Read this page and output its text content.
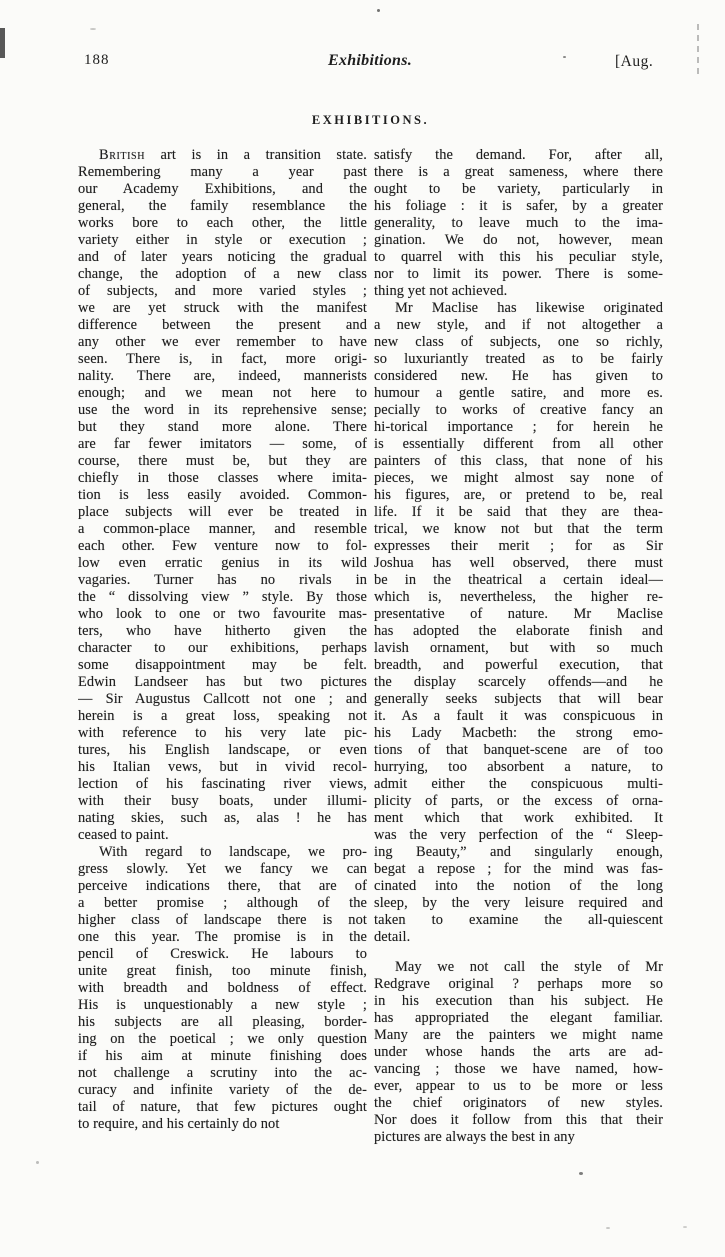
188	Exhibitions.	[Aug.
EXHIBITIONS.
British art is in a transition state.
Remembering many a year past
our Academy Exhibitions, and the
general, the family resemblance the
works bore to each other, the little
variety either in style or execution ;
and of later years noticing the gradual
change, the adoption of a new class
of subjects, and more varied styles ;
we are yet struck with the manifest
difference between the present and
any other we ever remember to have
seen. There is, in fact, more origi-
nality. There are, indeed, mannerists
enough; and we mean not here to
use the word in its reprehensive sense;
but they stand more alone. There
are far fewer imitators — some, of
course, there must be, but they are
chiefly in those classes where imita-
tion is less easily avoided. Common-
place subjects will ever be treated in
a common-place manner, and resemble
each other. Few venture now to fol-
low even erratic genius in its wild
vagaries. Turner has no rivals in
the “ dissolving view ” style. By those
who look to one or two favourite mas-
ters, who have hitherto given the
character to our exhibitions, perhaps
some disappointment may be felt.
Edwin Landseer has but two pictures
— Sir Augustus Callcott not one ; and
herein is a great loss, speaking not
with reference to his very late pic-
tures, his English landscape, or even
his Italian vews, but in vivid recol-
lection of his fascinating river views,
with their busy boats, under illumi-
nating skies, such as, alas ! he has
ceased to paint.
With regard to landscape, we pro-
gress slowly. Yet we fancy we can
perceive indications there, that are of
a better promise ; although of the
higher class of landscape there is not
one this year. The promise is in the
pencil of Creswick. He labours to
unite great finish, too minute finish,
with breadth and boldness of effect.
His is unquestionably a new style ;
his subjects are all pleasing, border-
ing on the poetical ; we only question
if his aim at minute finishing does
not challenge a scrutiny into the ac-
curacy and infinite variety of the de-
tail of nature, that few pictures ought
to require, and his certainly do not
satisfy the demand. For, after all,
there is a great sameness, where there
ought to be variety, particularly in
his foliage : it is safer, by a greater
generality, to leave much to the ima-
gination. We do not, however, mean
to quarrel with this his peculiar style,
nor to limit its power. There is some-
thing yet not achieved.
Mr Maclise has likewise originated
a new style, and if not altogether a
new class of subjects, one so richly,
so luxuriantly treated as to be fairly
considered new. He has given to
humour a gentle satire, and more es.
pecially to works of creative fancy an
hi-torical importance ; for herein he
is essentially different from all other
painters of this class, that none of his
pieces, we might almost say none of
his figures, are, or pretend to be, real
life. If it be said that they are thea-
trical, we know not but that the term
expresses their merit ; for as Sir
Joshua has well observed, there must
be in the theatrical a certain ideal—
which is, nevertheless, the higher re-
presentative of nature. Mr Maclise
has adopted the elaborate finish and
lavish ornament, but with so much
breadth, and powerful execution, that
the display scarcely offends—and he
generally seeks subjects that will bear
it. As a fault it was conspicuous in
his Lady Macbeth: the strong emo-
tions of that banquet-scene are of too
hurrying, too absorbent a nature, to
admit either the conspicuous multi-
plicity of parts, or the excess of orna-
ment which that work exhibited. It
was the very perfection of the “ Sleep-
ing Beauty,” and singularly enough,
begat a repose ; for the mind was fas-
cinated into the notion of the long
sleep, by the very leisure required and
taken to examine the all-quiescent
detail.
May we not call the style of Mr
Redgrave original ? perhaps more so
in his execution than his subject. He
has appropriated the elegant familiar.
Many are the painters we might name
under whose hands the arts are ad-
vancing ; those we have named, how-
ever, appear to us to be more or less
the chief originators of new styles.
Nor does it follow from this that their
pictures are always the best in any
